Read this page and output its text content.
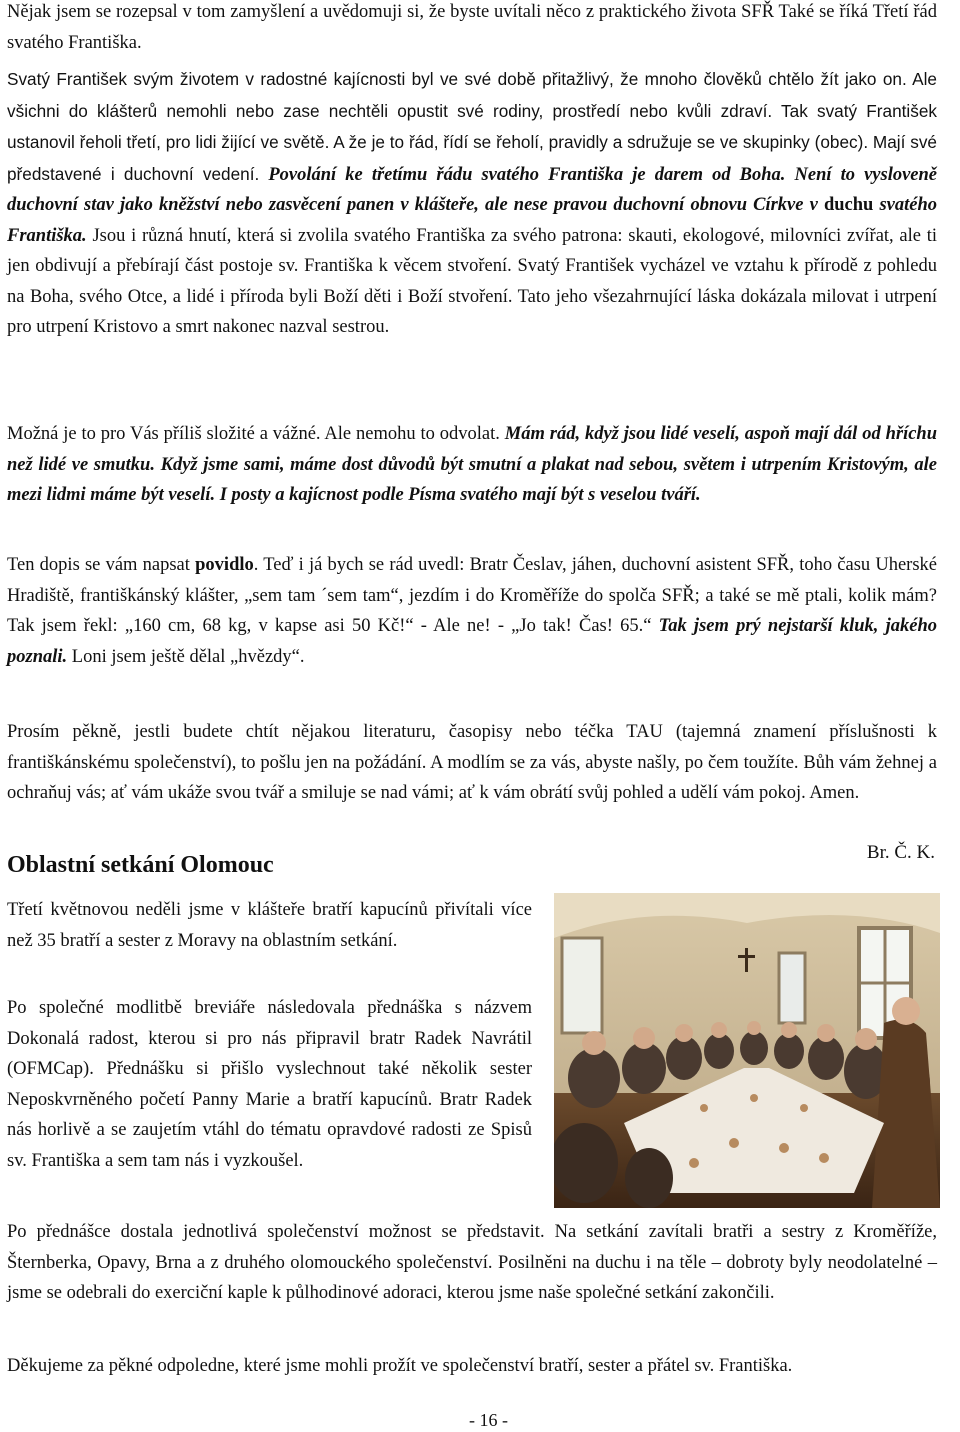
Nějak jsem se rozepsal v tom zamyšlení a uvědomuji si, že byste uvítali něco z praktického života SFŘ Také se říká Třetí řád svatého Františka.

Svatý František svým životem v radostné kajícnosti byl ve své době přitažlivý, že mnoho člověků chtělo žít jako on. Ale všichni do klášterů nemohli nebo zase nechtěli opustit své rodiny, prostředí nebo kvůli zdraví. Tak svatý František ustanovil řeholi třetí, pro lidi žijící ve světě. A že je to řád, řídí se řeholí, pravidly a sdružuje se ve skupinky (obec). Mají své představené i duchovní vedení. Povolání ke třetímu řádu svatého Františka je darem od Boha. Není to vysloveně duchovní stav jako kněžství nebo zasvěcení panen v klášteře, ale nese pravou duchovní obnovu Církve v duchu svatého Františka. Jsou i různá hnutí, která si zvolila svatého Františka za svého patrona: skauti, ekologové, milovníci zvířat, ale ti jen obdivují a přebírají část postoje sv. Františka k věcem stvoření. Svatý František vycházel ve vztahu k přírodě z pohledu na Boha, svého Otce, a lidé i příroda byli Boží děti i Boží stvoření. Tato jeho všezahrnující láska dokázala milovat i utrpení pro utrpení Kristovo a smrt nakonec nazval sestrou.

Možná je to pro Vás příliš složité a vážné. Ale nemohu to odvolat. Mám rád, když jsou lidé veselí, aspoň mají dál od hříchu než lidé ve smutku. Když jsme sami, máme dost důvodů být smutní a plakat nad sebou, světem i utrpením Kristovým, ale mezi lidmi máme být veselí. I posty a kajícnost podle Písma svatého mají být s veselou tváří.

Ten dopis se vám napsat povidlo. Teď i já bych se rád uvedl: Bratr Česlav, jáhen, duchovní asistent SFŘ, toho času Uherské Hradiště, františkánský klášter, „sem tam ´sem tam“, jezdím i do Kroměříže do spolča SFŘ; a také se mě ptali, kolik mám? Tak jsem řekl: „160 cm, 68 kg, v kapse asi 50 Kč!“ - Ale ne! - „Jo tak! Čas! 65.“ Tak jsem prý nejstarší kluk, jakého poznali. Loni jsem ještě dělal „hvězdy“.

Prosím pěkně, jestli budete chtít nějakou literaturu, časopisy nebo téčka TAU (tajemná znamení příslušnosti k františkánskému společenství), to pošlu jen na požádání. A modlím se za vás, abyste našly, po čem toužíte. Bůh vám žehnej a ochraňuj vás; ať vám ukáže svou tvář a smiluje se nad vámi; ať k vám obrátí svůj pohled a udělí vám pokoj. Amen.

Br. Č. K.
Oblastní setkání Olomouc

Třetí květnovou neděli jsme v klášteře bratří kapucínů přivítali více než 35 bratří a sester z Moravy na oblastním setkání.

Po společné modlitbě breviáře následovala přednáška s názvem Dokonalá radost, kterou si pro nás připravil bratr Radek Navrátil (OFMCap). Přednášku si přišlo vyslechnout také několik sester Neposkvrněného početí Panny Marie a bratří kapucínů. Bratr Radek nás horlivě a se zaujetím vtáhl do tématu opravdové radosti ze Spisů sv. Františka a sem tam nás i vyzkoušel.

Po přednášce dostala jednotlivá společenství možnost se představit. Na setkání zavítali bratři a sestry z Kroměříže, Šternberka, Opavy, Brna a z druhého olomouckého společenství. Posilněni na duchu i na těle – dobroty byly neodolatelné – jsme se odebrali do exerciční kaple k půlhodinové adoraci, kterou jsme naše společné setkání zakončili.

Děkujeme za pěkné odpoledne, které jsme mohli prožít ve společenství bratří, sester a přátel sv. Františka.

- 16 -
